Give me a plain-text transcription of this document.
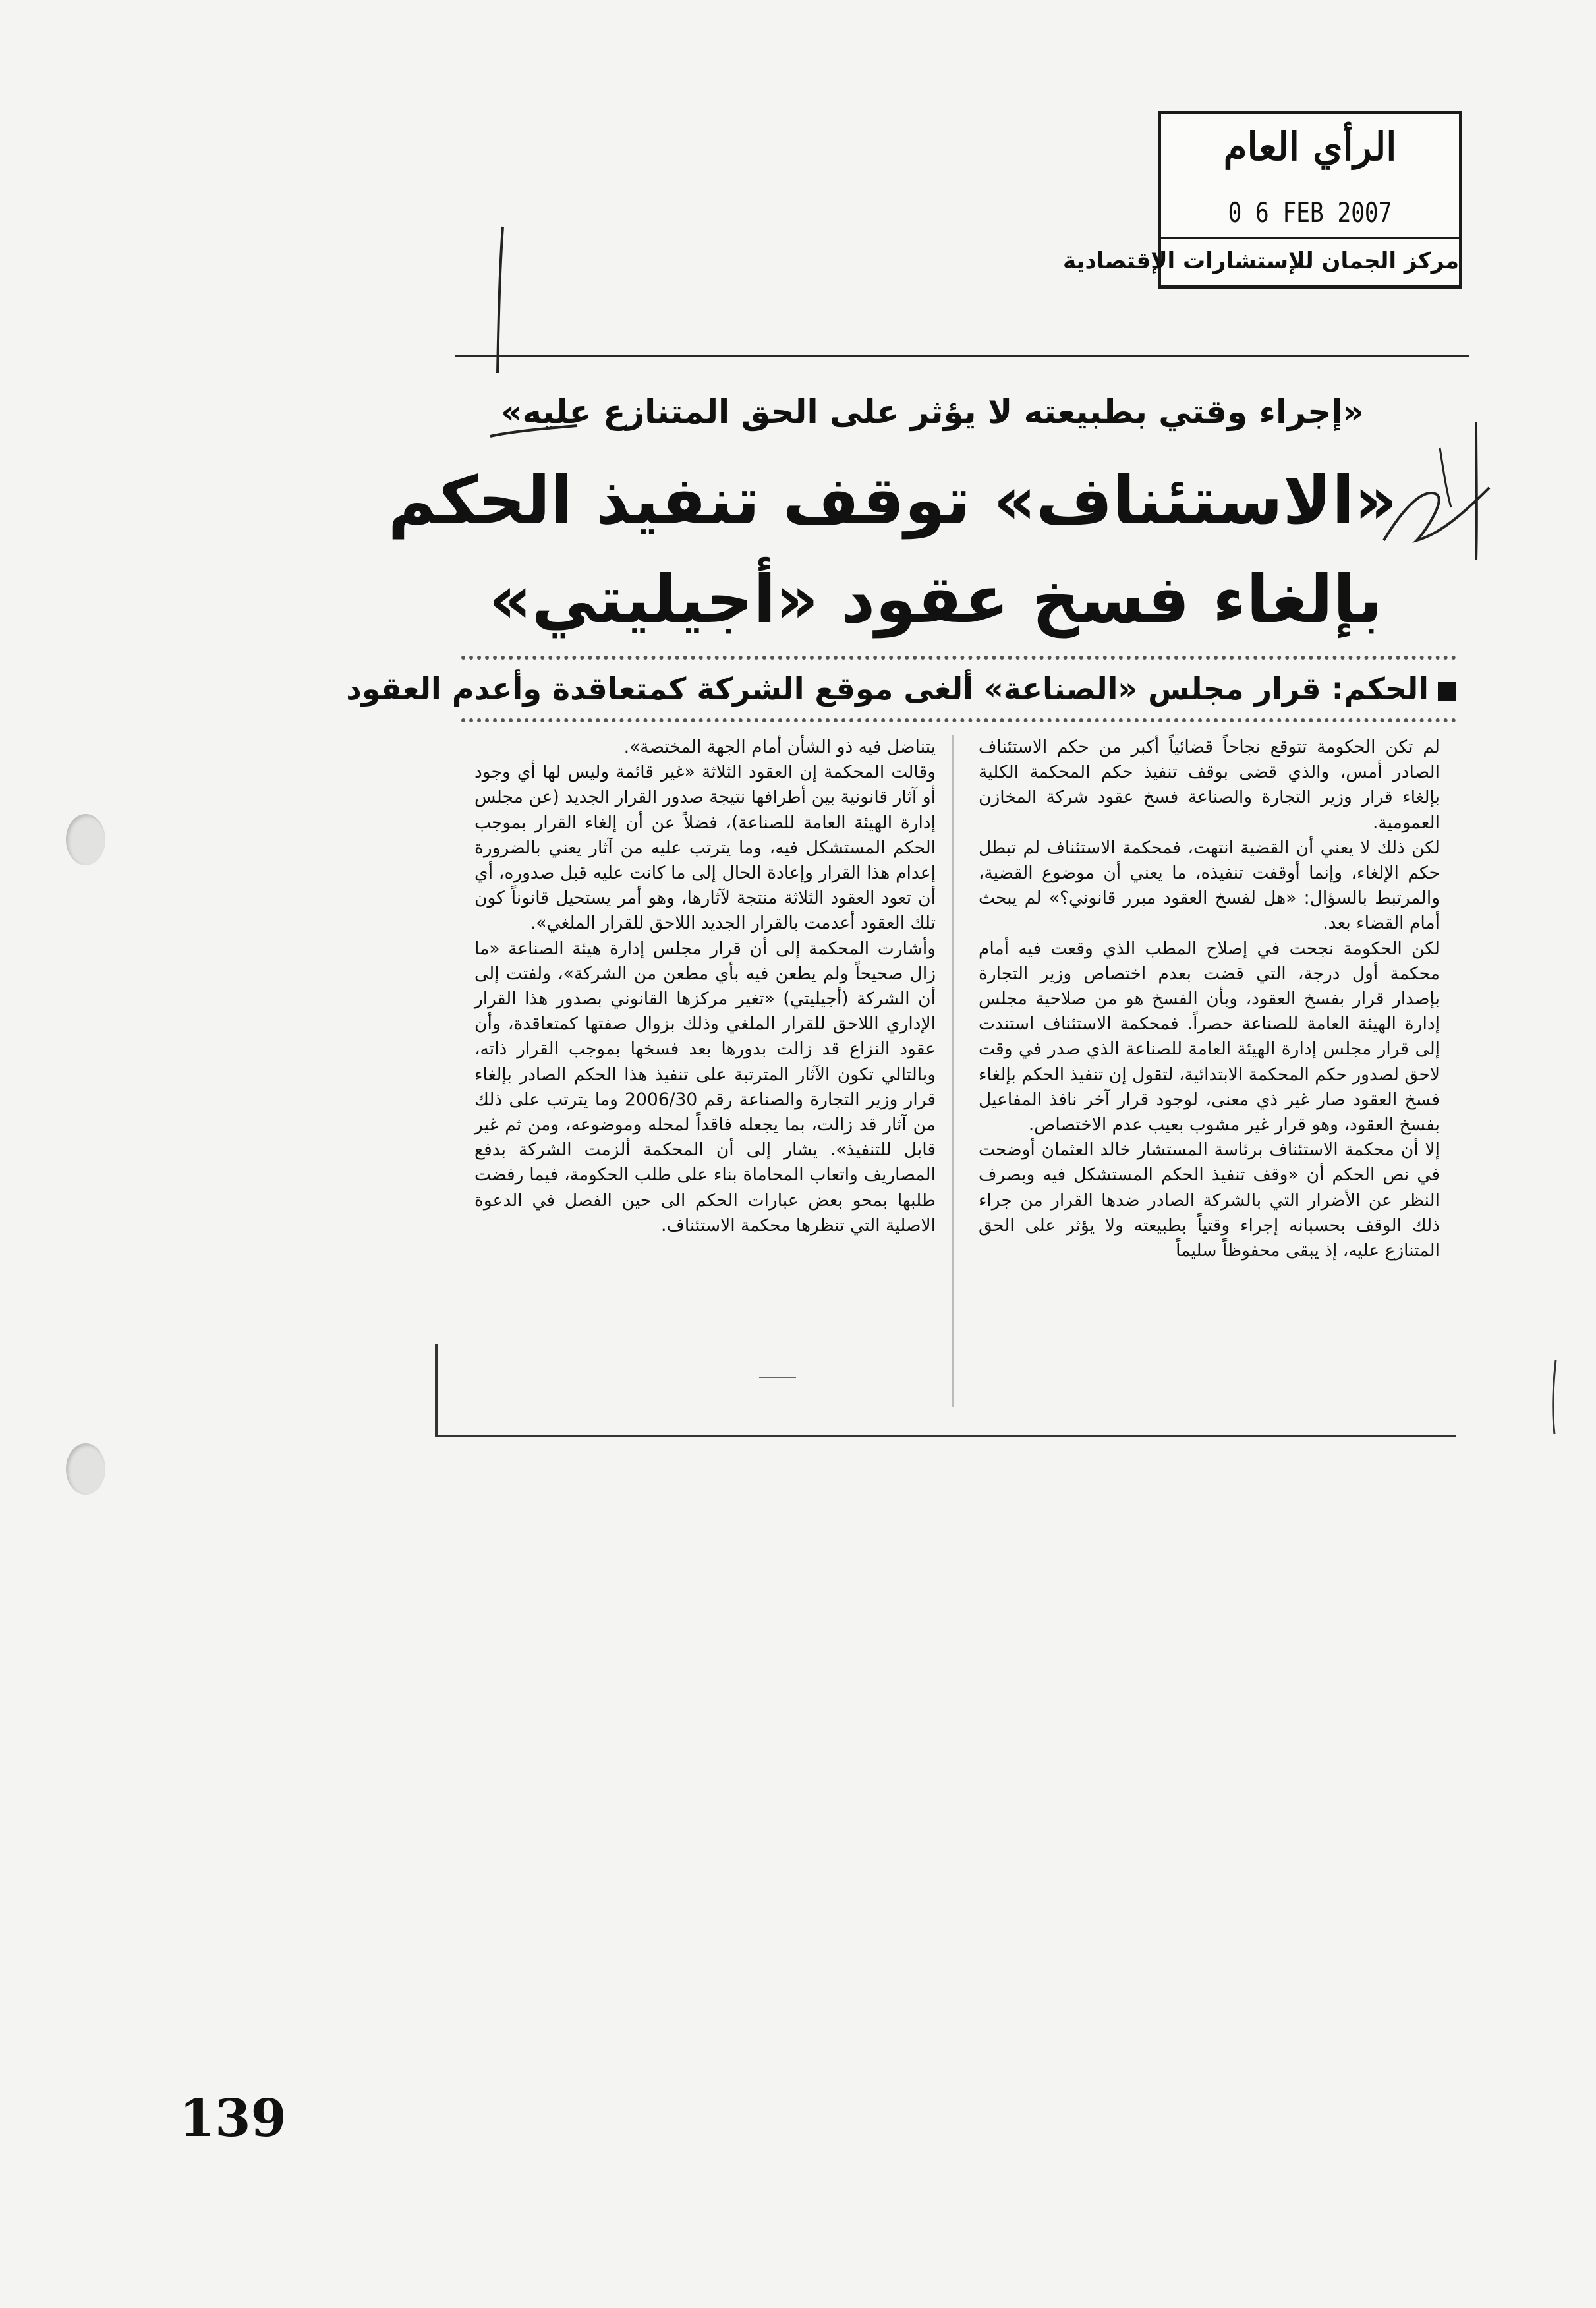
الرأي العام
0 6 FEB 2007
مركز الجمان للإستشارات الإقتصادية
«إجراء وقتي بطبيعته لا يؤثر على الحق المتنازع عليه»
«الاستئناف» توقف تنفيذ الحكم
بإلغاء فسخ عقود «أجيليتي»
الحكم: قرار مجلس «الصناعة» ألغى موقع الشركة كمتعاقدة وأعدم العقود

لم تكن الحكومة تتوقع نجاحاً قضائياً أكبر من حكم الاستئناف الصادر أمس، والذي قضى بوقف تنفيذ حكم المحكمة الكلية بإلغاء قرار وزير التجارة والصناعة فسخ عقود شركة المخازن العمومية.

لكن ذلك لا يعني أن القضية انتهت، فمحكمة الاستئناف لم تبطل حكم الإلغاء، وإنما أوقفت تنفيذه، ما يعني أن موضوع القضية، والمرتبط بالسؤال: «هل لفسخ العقود مبرر قانوني؟» لم يبحث أمام القضاء بعد.

لكن الحكومة نجحت في إصلاح المطب الذي وقعت فيه أمام محكمة أول درجة، التي قضت بعدم اختصاص وزير التجارة بإصدار قرار بفسخ العقود، وبأن الفسخ هو من صلاحية مجلس إدارة الهيئة العامة للصناعة حصراً. فمحكمة الاستئناف استندت إلى قرار مجلس إدارة الهيئة العامة للصناعة الذي صدر في وقت لاحق لصدور حكم المحكمة الابتدائية، لتقول إن تنفيذ الحكم بإلغاء فسخ العقود صار غير ذي معنى، لوجود قرار آخر نافذ المفاعيل بفسخ العقود، وهو قرار غير مشوب بعيب عدم الاختصاص.

إلا أن محكمة الاستئناف برئاسة المستشار خالد العثمان أوضحت في نص الحكم أن «وقف تنفيذ الحكم المستشكل فيه وبصرف النظر عن الأضرار التي بالشركة الصادر ضدها القرار من جراء ذلك الوقف بحسبانه إجراء وقتياً بطبيعته ولا يؤثر على الحق المتنازع عليه، إذ يبقى محفوظاً سليماً

يتناضل فيه ذو الشأن أمام الجهة المختصة».

وقالت المحكمة إن العقود الثلاثة «غير قائمة وليس لها أي وجود أو آثار قانونية بين أطرافها نتيجة صدور القرار الجديد (عن مجلس إدارة الهيئة العامة للصناعة)، فضلاً عن أن إلغاء القرار بموجب الحكم المستشكل فيه، وما يترتب عليه من آثار يعني بالضرورة إعدام هذا القرار وإعادة الحال إلى ما كانت عليه قبل صدوره، أي أن تعود العقود الثلاثة منتجة لآثارها، وهو أمر يستحيل قانوناً كون تلك العقود أعدمت بالقرار الجديد اللاحق للقرار الملغي».

وأشارت المحكمة إلى أن قرار مجلس إدارة هيئة الصناعة «ما زال صحيحاً ولم يطعن فيه بأي مطعن من الشركة»، ولفتت إلى أن الشركة (أجيليتي) «تغير مركزها القانوني بصدور هذا القرار الإداري اللاحق للقرار الملغي وذلك بزوال صفتها كمتعاقدة، وأن عقود النزاع قد زالت بدورها بعد فسخها بموجب القرار ذاته، وبالتالي تكون الآثار المترتبة على تنفيذ هذا الحكم الصادر بإلغاء قرار وزير التجارة والصناعة رقم 2006/30 وما يترتب على ذلك من آثار قد زالت، بما يجعله فاقداً لمحله وموضوعه، ومن ثم غير قابل للتنفيذ». يشار إلى أن المحكمة ألزمت الشركة بدفع المصاريف واتعاب المحاماة بناء على طلب الحكومة، فيما رفضت طلبها بمحو بعض عبارات الحكم الى حين الفصل في الدعوة الاصلية التي تنظرها محكمة الاستئناف.

139
